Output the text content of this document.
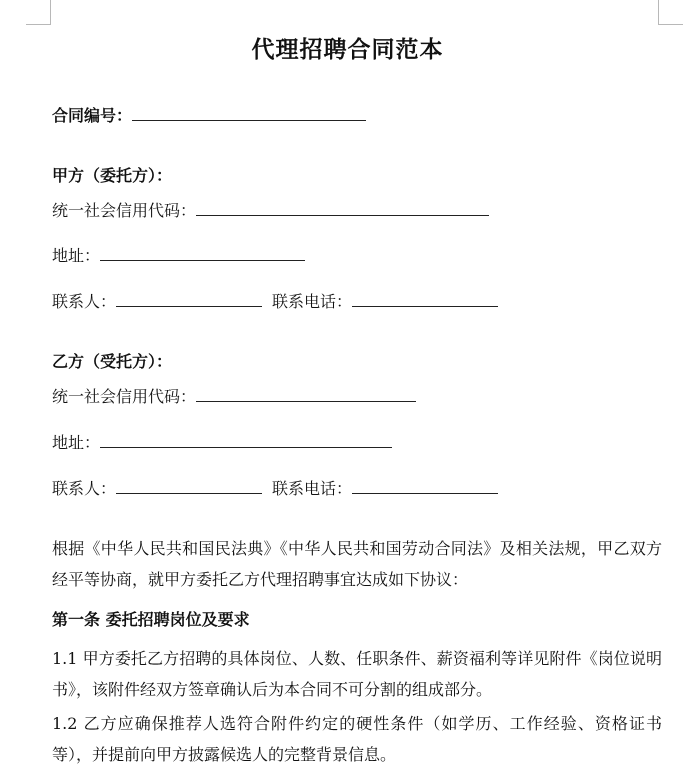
代理招聘合同范本
合同编号：
甲方（委托方）：
统一社会信用代码：
地址：
联系人：	联系电话：
乙方（受托方）：
统一社会信用代码：
地址：
联系人：	联系电话：
根据《中华人民共和国民法典》《中华人民共和国劳动合同法》及相关法规，甲乙双方经平等协商，就甲方委托乙方代理招聘事宜达成如下协议：
第一条 委托招聘岗位及要求
1.1 甲方委托乙方招聘的具体岗位、人数、任职条件、薪资福利等详见附件《岗位说明书》，该附件经双方签章确认后为本合同不可分割的组成部分。
1.2 乙方应确保推荐人选符合附件约定的硬性条件（如学历、工作经验、资格证书等），并提前向甲方披露候选人的完整背景信息。
